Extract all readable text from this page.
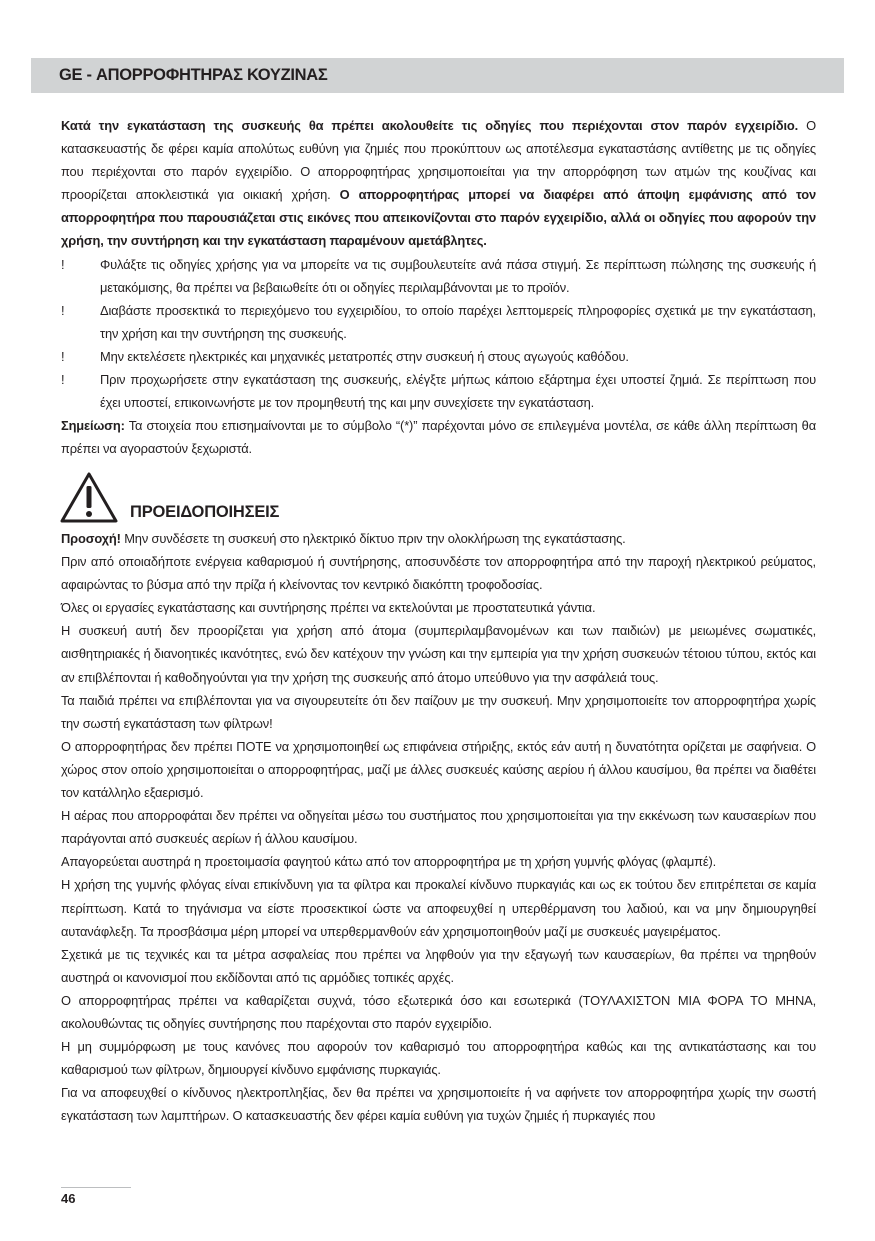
GE - ΑΠΟΡΡΟΦΗΤΗΡΑΣ ΚΟΥΖΙΝΑΣ

Κατά την εγκατάσταση της συσκευής θα πρέπει ακολουθείτε τις οδηγίες που περιέχονται στον παρόν εγχειρίδιο. Ο κατασκευαστής δε φέρει καμία απολύτως ευθύνη για ζημιές που προκύπτουν ως αποτέλεσμα εγκαταστάσης αντίθετης με τις οδηγίες που περιέχονται στο παρόν εγχειρίδιο. Ο απορροφητήρας χρησιμοποιείται για την απορρόφηση των ατμών της κουζίνας και προορίζεται αποκλειστικά για οικιακή χρήση. Ο απορροφητήρας μπορεί να διαφέρει από άποψη εμφάνισης από τον απορροφητήρα που παρουσιάζεται στις εικόνες που απεικονίζονται στο παρόν εγχειρίδιο, αλλά οι οδηγίες που αφορούν την χρήση, την συντήρηση και την εγκατάσταση παραμένουν αμετάβλητες.

!	Φυλάξτε τις οδηγίες χρήσης για να μπορείτε να τις συμβουλευτείτε ανά πάσα στιγμή. Σε περίπτωση πώλησης της συσκευής ή μετακόμισης, θα πρέπει να βεβαιωθείτε ότι οι οδηγίες περιλαμβάνονται με το προϊόν.
!	Διαβάστε προσεκτικά το περιεχόμενο του εγχειριδίου, το οποίο παρέχει λεπτομερείς πληροφορίες σχετικά με την εγκατάσταση, την χρήση και την συντήρηση της συσκευής.
!	Μην εκτελέσετε ηλεκτρικές και μηχανικές μετατροπές στην συσκευή ή στους αγωγούς καθόδου.
!	Πριν προχωρήσετε στην εγκατάσταση της συσκευής, ελέγξτε μήπως κάποιο εξάρτημα έχει υποστεί ζημιά. Σε περίπτωση που έχει υποστεί, επικοινωνήστε με τον προμηθευτή της και μην συνεχίσετε την εγκατάσταση.

Σημείωση: Τα στοιχεία που επισημαίνονται με το σύμβολο “(*)” παρέχονται μόνο σε επιλεγμένα μοντέλα, σε κάθε άλλη περίπτωση θα πρέπει να αγοραστούν ξεχωριστά.

ΠΡΟΕΙΔΟΠΟΙΗΣΕΙΣ

Προσοχή! Μην συνδέσετε τη συσκευή στο ηλεκτρικό δίκτυο πριν την ολοκλήρωση της εγκατάστασης.

Πριν από οποιαδήποτε ενέργεια καθαρισμού ή συντήρησης, αποσυνδέστε τον απορροφητήρα από την παροχή ηλεκτρικού ρεύματος, αφαιρώντας το βύσμα από την πρίζα ή κλείνοντας τον κεντρικό διακόπτη τροφοδοσίας.

Όλες οι εργασίες εγκατάστασης και συντήρησης πρέπει να εκτελούνται με προστατευτικά γάντια.

Η συσκευή αυτή δεν προορίζεται για χρήση από άτομα (συμπεριλαμβανομένων και των παιδιών) με μειωμένες σωματικές, αισθητηριακές ή διανοητικές ικανότητες, ενώ δεν κατέχουν την γνώση και την εμπειρία για την χρήση συσκευών τέτοιου τύπου, εκτός και αν επιβλέπονται ή καθοδηγούνται για την χρήση της συσκευής από άτομο υπεύθυνο για την ασφάλειά τους.

Τα παιδιά πρέπει να επιβλέπονται για να σιγουρευτείτε ότι δεν παίζουν με την συσκευή. Μην χρησιμοποιείτε τον απορροφητήρα χωρίς την σωστή εγκατάσταση των φίλτρων!

Ο απορροφητήρας δεν πρέπει ΠΟΤΕ να χρησιμοποιηθεί ως επιφάνεια στήριξης, εκτός εάν αυτή η δυνατότητα ορίζεται με σαφήνεια. Ο χώρος στον οποίο χρησιμοποιείται ο απορροφητήρας, μαζί με άλλες συσκευές καύσης αερίου ή άλλου καυσίμου, θα πρέπει να διαθέτει τον κατάλληλο εξαερισμό.

Η αέρας που απορροφάται δεν πρέπει να οδηγείται μέσω του συστήματος που χρησιμοποιείται για την εκκένωση των καυσαερίων που παράγονται από συσκευές αερίων ή άλλου καυσίμου.

Απαγορεύεται αυστηρά η προετοιμασία φαγητού κάτω από τον απορροφητήρα με τη χρήση γυμνής φλόγας (φλαμπέ).

Η χρήση της γυμνής φλόγας είναι επικίνδυνη για τα φίλτρα και προκαλεί κίνδυνο πυρκαγιάς και ως εκ τούτου δεν επιτρέπεται σε καμία περίπτωση. Κατά το τηγάνισμα να είστε προσεκτικοί ώστε να αποφευχθεί η υπερθέρμανση του λαδιού, και να μην δημιουργηθεί αυτανάφλεξη. Τα προσβάσιμα μέρη μπορεί να υπερθερμανθούν εάν χρησιμοποιηθούν μαζί με συσκευές μαγειρέματος.

Σχετικά με τις τεχνικές και τα μέτρα ασφαλείας που πρέπει να ληφθούν για την εξαγωγή των καυσαερίων, θα πρέπει να τηρηθούν αυστηρά οι κανονισμοί που εκδίδονται από τις αρμόδιες τοπικές αρχές.

Ο απορροφητήρας πρέπει να καθαρίζεται συχνά, τόσο εξωτερικά όσο και εσωτερικά (ΤΟΥΛΑΧΙΣΤΟΝ ΜΙΑ ΦΟΡΑ ΤΟ ΜΗΝΑ, ακολουθώντας τις οδηγίες συντήρησης που παρέχονται στο παρόν εγχειρίδιο.

Η μη συμμόρφωση με τους κανόνες που αφορούν τον καθαρισμό του απορροφητήρα καθώς και της αντικατάστασης και του καθαρισμού των φίλτρων, δημιουργεί κίνδυνο εμφάνισης πυρκαγιάς.

Για να αποφευχθεί ο κίνδυνος ηλεκτροπληξίας, δεν θα πρέπει να χρησιμοποιείτε ή να αφήνετε τον απορροφητήρα χωρίς την σωστή εγκατάσταση των λαμπτήρων. Ο κατασκευαστής δεν φέρει καμία ευθύνη για τυχών ζημιές ή πυρκαγιές που

46
